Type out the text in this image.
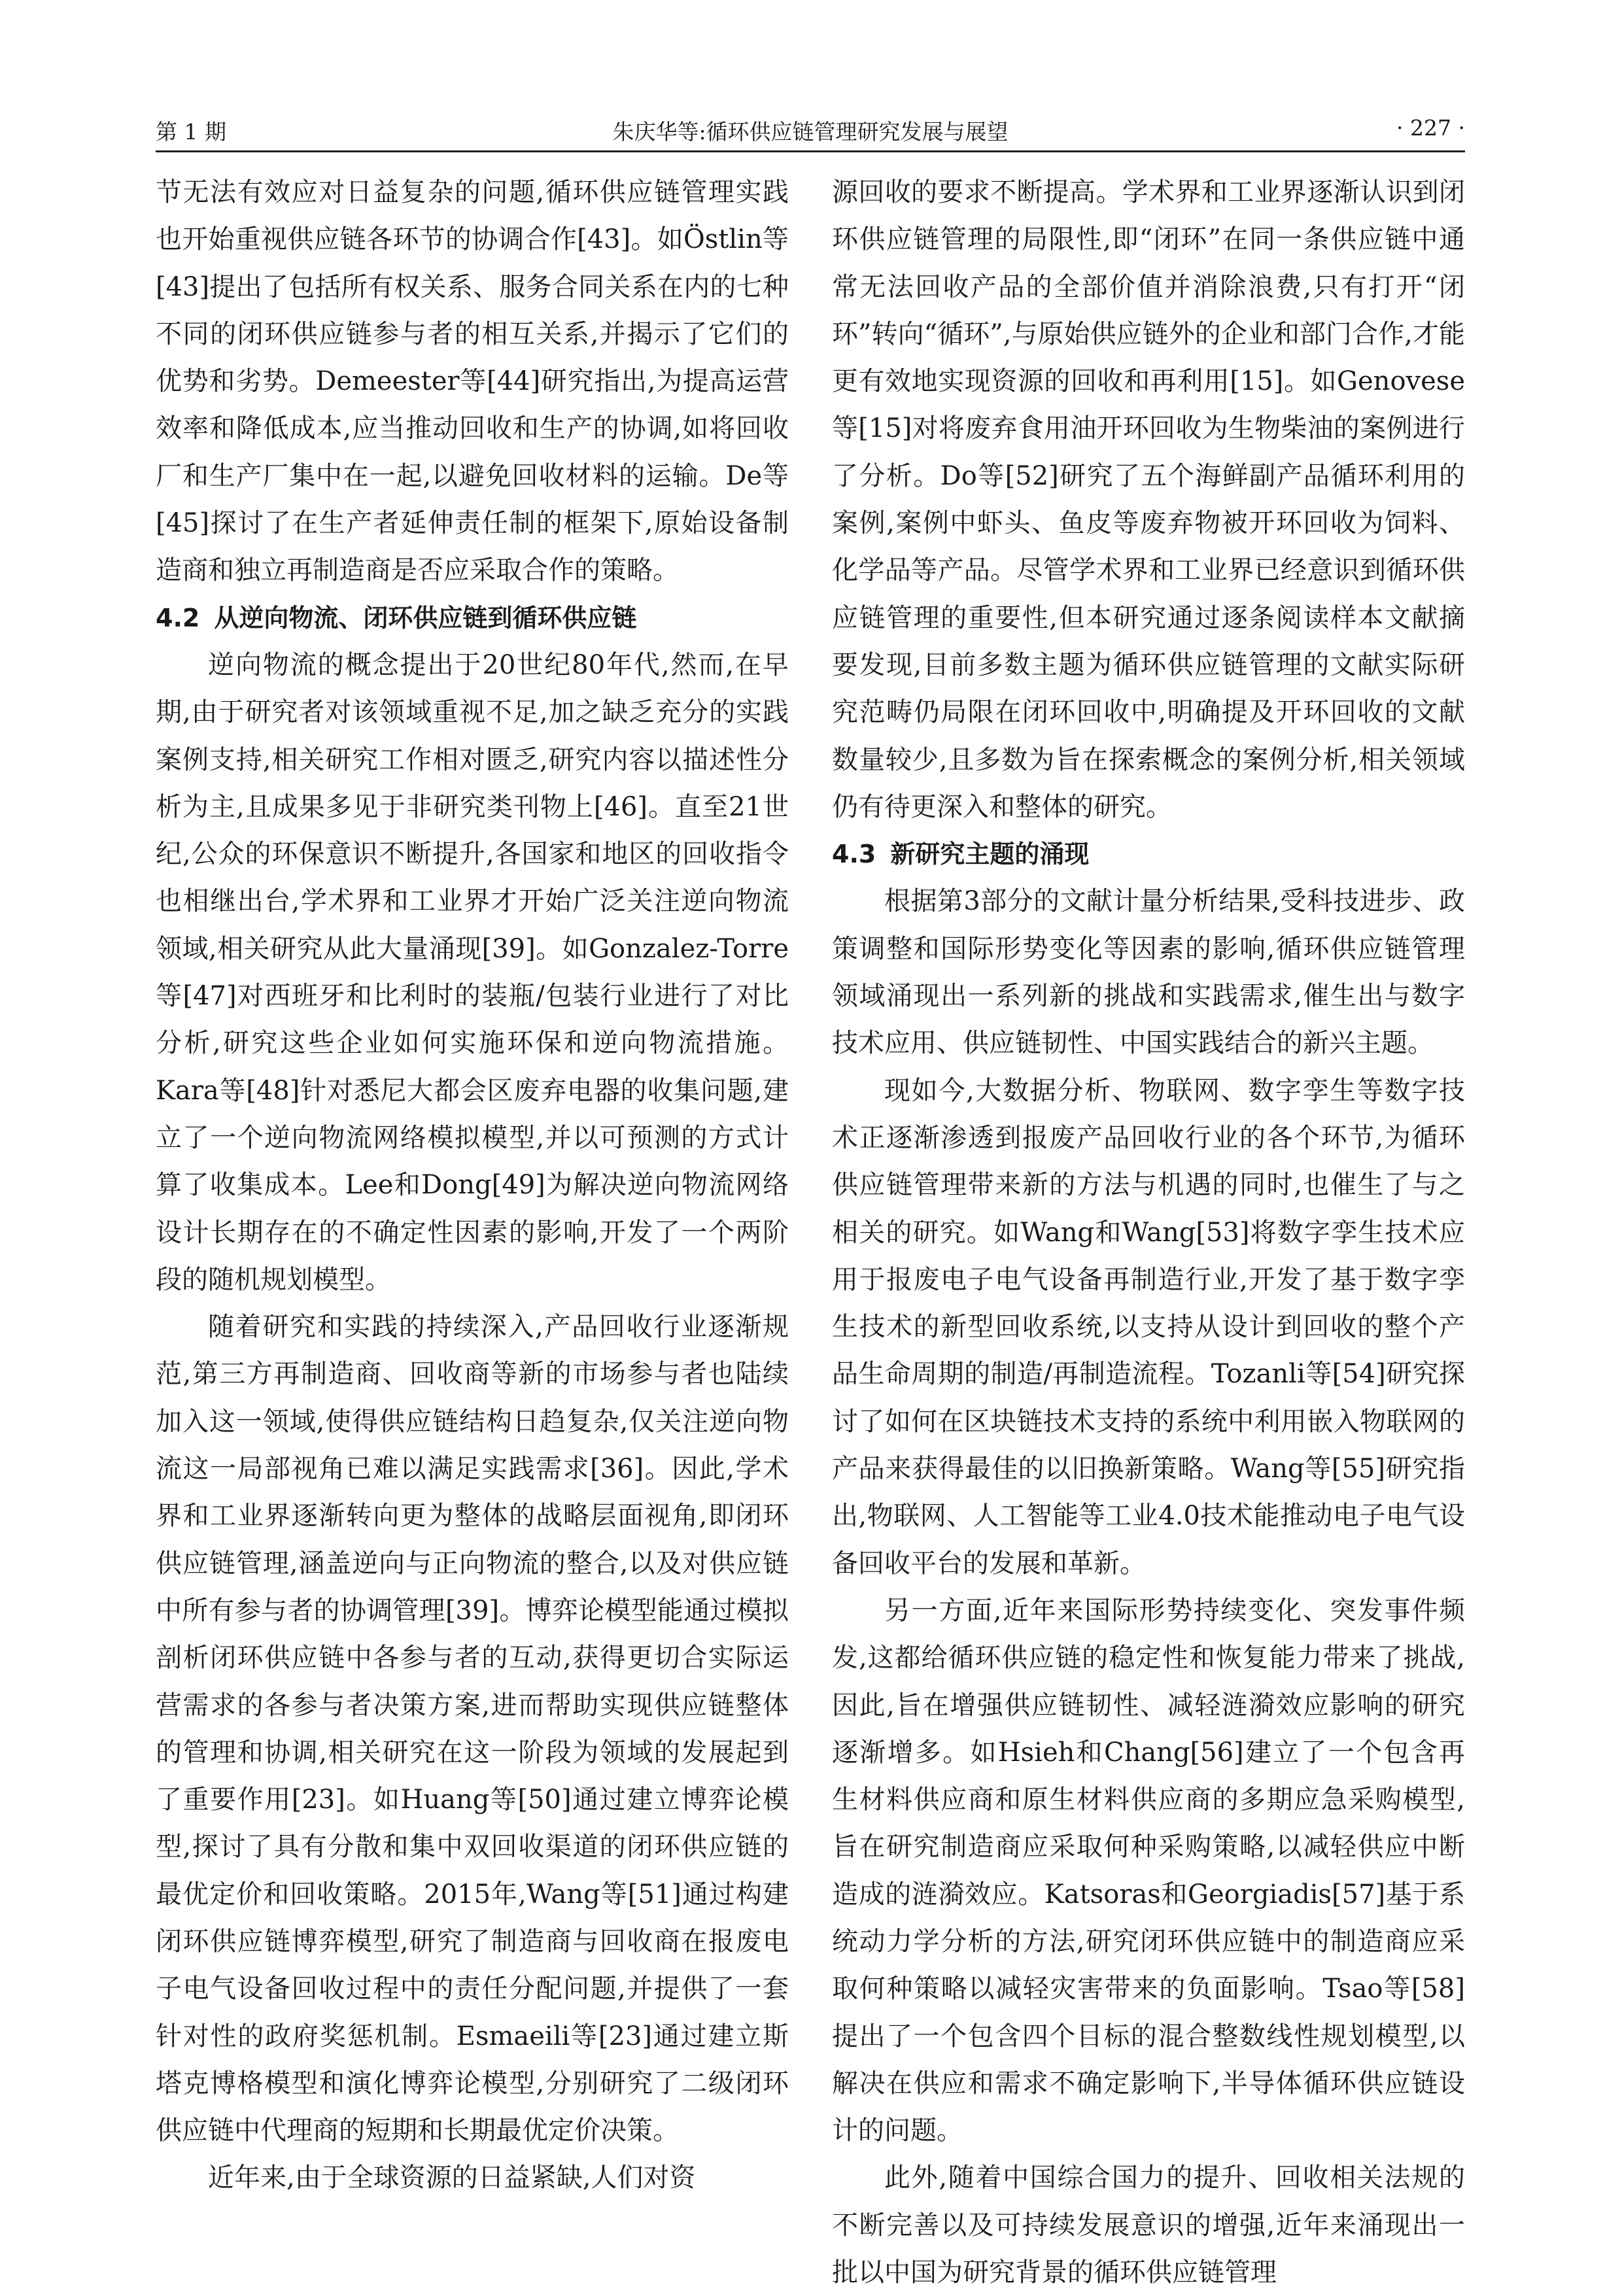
第 1 期	朱庆华等:循环供应链管理研究发展与展望	· 227 ·

节无法有效应对日益复杂的问题,循环供应链管理实践也开始重视供应链各环节的协调合作[43]。如Östlin等[43]提出了包括所有权关系、服务合同关系在内的七种不同的闭环供应链参与者的相互关系,并揭示了它们的优势和劣势。Demeester等[44]研究指出,为提高运营效率和降低成本,应当推动回收和生产的协调,如将回收厂和生产厂集中在一起,以避免回收材料的运输。De等[45]探讨了在生产者延伸责任制的框架下,原始设备制造商和独立再制造商是否应采取合作的策略。

4.2 从逆向物流、闭环供应链到循环供应链

逆向物流的概念提出于20世纪80年代,然而,在早期,由于研究者对该领域重视不足,加之缺乏充分的实践案例支持,相关研究工作相对匮乏,研究内容以描述性分析为主,且成果多见于非研究类刊物上[46]。直至21世纪,公众的环保意识不断提升,各国家和地区的回收指令也相继出台,学术界和工业界才开始广泛关注逆向物流领域,相关研究从此大量涌现[39]。如Gonzalez-Torre等[47]对西班牙和比利时的装瓶/包装行业进行了对比分析,研究这些企业如何实施环保和逆向物流措施。Kara等[48]针对悉尼大都会区废弃电器的收集问题,建立了一个逆向物流网络模拟模型,并以可预测的方式计算了收集成本。Lee和Dong[49]为解决逆向物流网络设计长期存在的不确定性因素的影响,开发了一个两阶段的随机规划模型。

随着研究和实践的持续深入,产品回收行业逐渐规范,第三方再制造商、回收商等新的市场参与者也陆续加入这一领域,使得供应链结构日趋复杂,仅关注逆向物流这一局部视角已难以满足实践需求[36]。因此,学术界和工业界逐渐转向更为整体的战略层面视角,即闭环供应链管理,涵盖逆向与正向物流的整合,以及对供应链中所有参与者的协调管理[39]。博弈论模型能通过模拟剖析闭环供应链中各参与者的互动,获得更切合实际运营需求的各参与者决策方案,进而帮助实现供应链整体的管理和协调,相关研究在这一阶段为领域的发展起到了重要作用[23]。如Huang等[50]通过建立博弈论模型,探讨了具有分散和集中双回收渠道的闭环供应链的最优定价和回收策略。2015年,Wang等[51]通过构建闭环供应链博弈模型,研究了制造商与回收商在报废电子电气设备回收过程中的责任分配问题,并提供了一套针对性的政府奖惩机制。Esmaeili等[23]通过建立斯塔克博格模型和演化博弈论模型,分别研究了二级闭环供应链中代理商的短期和长期最优定价决策。

近年来,由于全球资源的日益紧缺,人们对资

源回收的要求不断提高。学术界和工业界逐渐认识到闭环供应链管理的局限性,即“闭环”在同一条供应链中通常无法回收产品的全部价值并消除浪费,只有打开“闭环”转向“循环”,与原始供应链外的企业和部门合作,才能更有效地实现资源的回收和再利用[15]。如Genovese等[15]对将废弃食用油开环回收为生物柴油的案例进行了分析。Do等[52]研究了五个海鲜副产品循环利用的案例,案例中虾头、鱼皮等废弃物被开环回收为饲料、化学品等产品。尽管学术界和工业界已经意识到循环供应链管理的重要性,但本研究通过逐条阅读样本文献摘要发现,目前多数主题为循环供应链管理的文献实际研究范畴仍局限在闭环回收中,明确提及开环回收的文献数量较少,且多数为旨在探索概念的案例分析,相关领域仍有待更深入和整体的研究。

4.3 新研究主题的涌现

根据第3部分的文献计量分析结果,受科技进步、政策调整和国际形势变化等因素的影响,循环供应链管理领域涌现出一系列新的挑战和实践需求,催生出与数字技术应用、供应链韧性、中国实践结合的新兴主题。

现如今,大数据分析、物联网、数字孪生等数字技术正逐渐渗透到报废产品回收行业的各个环节,为循环供应链管理带来新的方法与机遇的同时,也催生了与之相关的研究。如Wang和Wang[53]将数字孪生技术应用于报废电子电气设备再制造行业,开发了基于数字孪生技术的新型回收系统,以支持从设计到回收的整个产品生命周期的制造/再制造流程。Tozanli等[54]研究探讨了如何在区块链技术支持的系统中利用嵌入物联网的产品来获得最佳的以旧换新策略。Wang等[55]研究指出,物联网、人工智能等工业4.0技术能推动电子电气设备回收平台的发展和革新。

另一方面,近年来国际形势持续变化、突发事件频发,这都给循环供应链的稳定性和恢复能力带来了挑战,因此,旨在增强供应链韧性、减轻涟漪效应影响的研究逐渐增多。如Hsieh和Chang[56]建立了一个包含再生材料供应商和原生材料供应商的多期应急采购模型,旨在研究制造商应采取何种采购策略,以减轻供应中断造成的涟漪效应。Katsoras和Georgiadis[57]基于系统动力学分析的方法,研究闭环供应链中的制造商应采取何种策略以减轻灾害带来的负面影响。Tsao等[58]提出了一个包含四个目标的混合整数线性规划模型,以解决在供应和需求不确定影响下,半导体循环供应链设计的问题。

此外,随着中国综合国力的提升、回收相关法规的不断完善以及可持续发展意识的增强,近年来涌现出一批以中国为研究背景的循环供应链管理
